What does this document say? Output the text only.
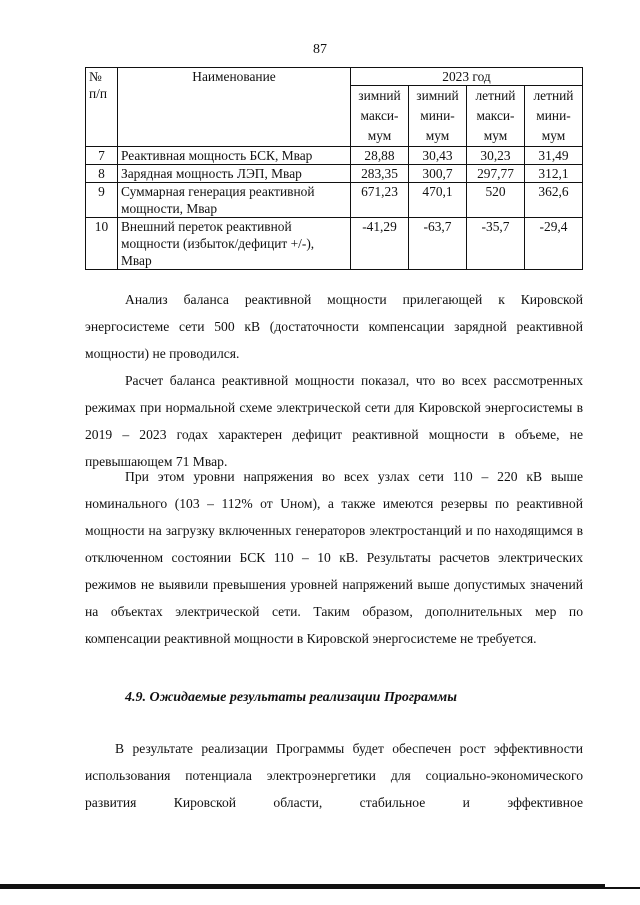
87
№ п/п	Наименование	2023 год			
		зимний макси-мум	зимний мини-мум	летний макси-мум	летний мини-мум
7	Реактивная мощность БСК, Мвар	28,88	30,43	30,23	31,49
8	Зарядная мощность ЛЭП, Мвар	283,35	300,7	297,77	312,1
9	Суммарная генерация реактивной мощности, Мвар	671,23	470,1	520	362,6
10	Внешний переток реактивной мощности (избыток/дефицит +/-), Мвар	-41,29	-63,7	-35,7	-29,4

Анализ баланса реактивной мощности прилегающей к Кировской энергосистеме сети 500 кВ (достаточности компенсации зарядной реактивной мощности) не проводился.

Расчет баланса реактивной мощности показал, что во всех рассмотренных режимах при нормальной схеме электрической сети для Кировской энергосистемы в 2019 – 2023 годах характерен дефицит реактивной мощности в объеме, не превышающем 71 Мвар.

При этом уровни напряжения во всех узлах сети 110 – 220 кВ выше номинального (103 – 112% от Uном), а также имеются резервы по реактивной мощности на загрузку включенных генераторов электростанций и по находящимся в отключенном состоянии БСК 110 – 10 кВ. Результаты расчетов электрических режимов не выявили превышения уровней напряжений выше допустимых значений на объектах электрической сети. Таким образом, дополнительных мер по компенсации реактивной мощности в Кировской энергосистеме не требуется.

4.9. Ожидаемые результаты реализации Программы

В результате реализации Программы будет обеспечен рост эффективности использования потенциала электроэнергетики для социально-экономического развития Кировской области, стабильное и эффективное
